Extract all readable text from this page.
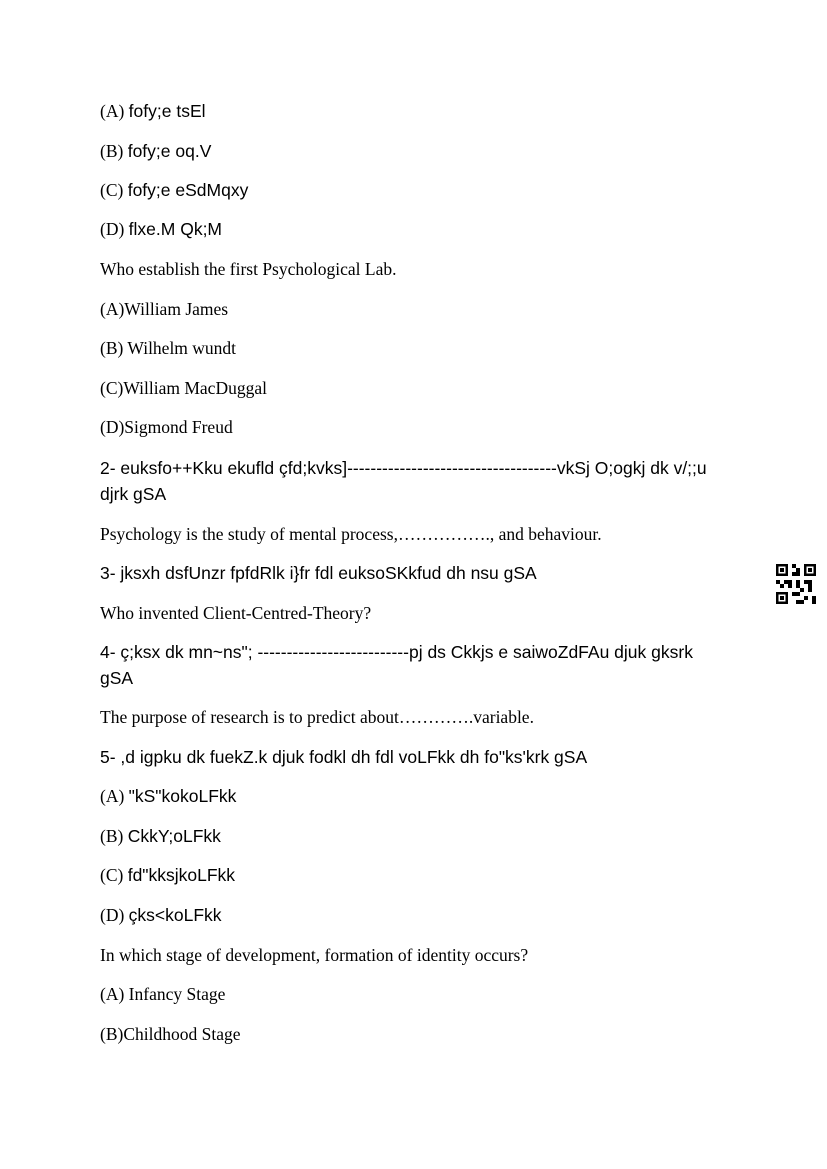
(A) fofy;e tsEl
(B) fofy;e oq.V
(C) fofy;e eSdMqxy
(D) flxe.M Qk;M
Who establish the first Psychological Lab.
(A)William James
(B) Wilhelm wundt
(C)William MacDuggal
(D)Sigmond Freud
2- euksfo++Kku ekufld çfd;kvks]------------------------------------vkSj O;ogkj dk v/;;u djrk gSA
Psychology is the study of mental process,……………., and behaviour.
3- jksxh dsfUnzr fpfdRlk i}fr fdl euksoSKkfud dh nsu gSA
Who invented Client-Centred-Theory?
4- ç;ksx dk mn~ns"; --------------------------pj ds Ckkjs e saiwoZdFAu djuk gksrk gSA
The purpose of research is to predict about………….variable.
5- ,d igpku dk fuekZ.k djuk fodkl dh fdl voLFkk dh fo"ks'krk gSA
(A) "kS"kokoLFkk
(B) CkkY;oLFkk
(C) fd"kksjkoLFkk
(D) çks<koLFkk
In which stage of development, formation of identity occurs?
(A) Infancy Stage
(B)Childhood Stage
